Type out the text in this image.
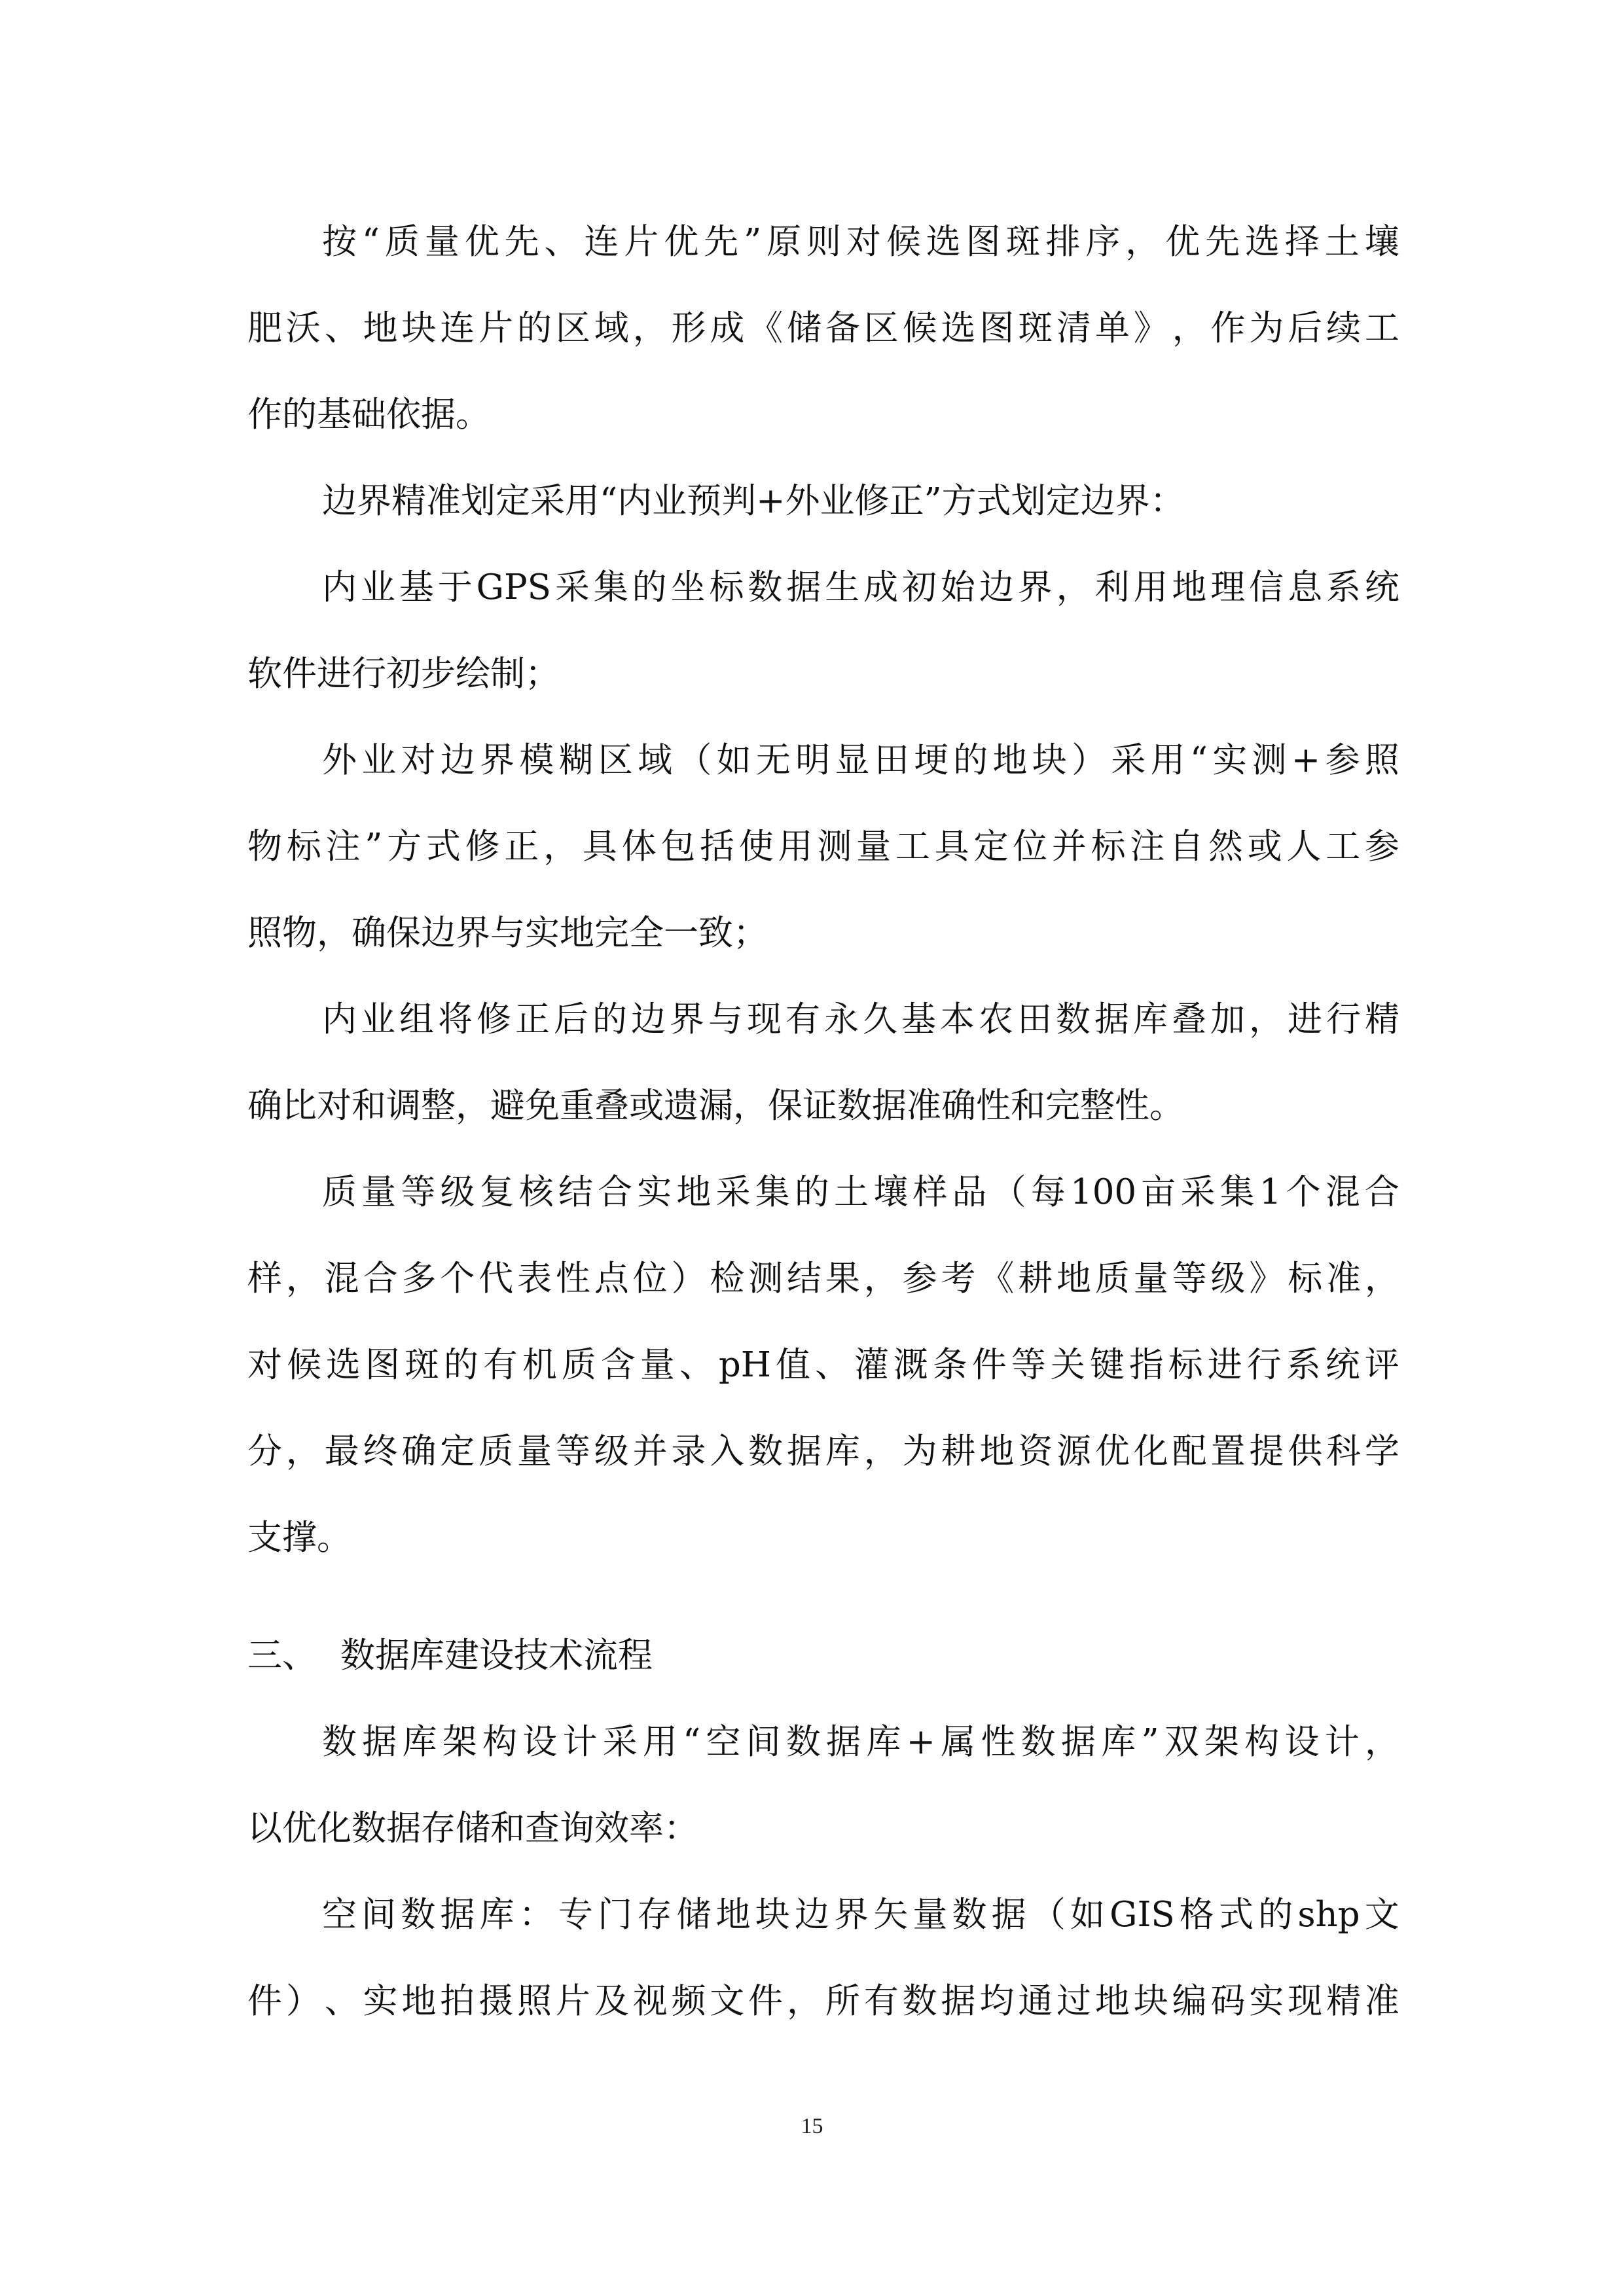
按 “ 质 量 优 先 、 连 片 优 先 ” 原 则 对 候 选 图 斑 排 序 ， 优 先 选 择 土 壤
肥 沃 、 地 块 连 片 的 区 域 ， 形 成 《 储 备 区 候 选 图 斑 清 单 》 ， 作 为 后 续 工
作的基础依据。
边界精准划定采用“内业预判+外业修正”方式划定边界：
内 业 基 于 GPS 采 集 的 坐 标 数 据 生 成 初 始 边 界 ， 利 用 地 理 信 息 系 统
软件进行初步绘制；
外 业 对 边 界 模 糊 区 域 （ 如 无 明 显 田 埂 的 地 块 ） 采 用 “ 实 测 + 参 照
物 标 注 ” 方 式 修 正 ， 具 体 包 括 使 用 测 量 工 具 定 位 并 标 注 自 然 或 人 工 参
照物，确保边界与实地完全一致；
内 业 组 将 修 正 后 的 边 界 与 现 有 永 久 基 本 农 田 数 据 库 叠 加 ， 进 行 精
确比对和调整，避免重叠或遗漏，保证数据准确性和完整性。
质 量 等 级 复 核 结 合 实 地 采 集 的 土 壤 样 品 （ 每 100 亩 采 集 1 个 混 合
样 ， 混 合 多 个 代 表 性 点 位 ） 检 测 结 果 ， 参 考 《 耕 地 质 量 等 级 》 标 准 ，
对 候 选 图 斑 的 有 机 质 含 量 、 pH 值 、 灌 溉 条 件 等 关 键 指 标 进 行 系 统 评
分 ， 最 终 确 定 质 量 等 级 并 录 入 数 据 库 ， 为 耕 地 资 源 优 化 配 置 提 供 科 学
支撑。
三、 数据库建设技术流程
数 据 库 架 构 设 计 采 用 “ 空 间 数 据 库 + 属 性 数 据 库 ” 双 架 构 设 计 ，
以优化数据存储和查询效率：
空 间 数 据 库 ： 专 门 存 储 地 块 边 界 矢 量 数 据 （ 如 GIS 格 式 的 shp 文
件 ） 、 实 地 拍 摄 照 片 及 视 频 文 件 ， 所 有 数 据 均 通 过 地 块 编 码 实 现 精 准
15
